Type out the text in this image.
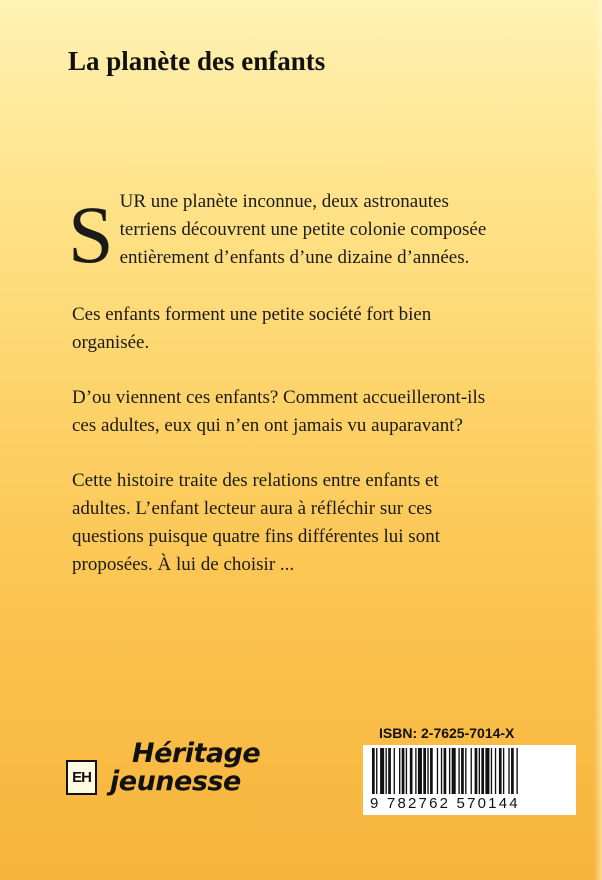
La planète des enfants
S UR une planète inconnue, deux astronautes
terriens découvrent une petite colonie composée
entièrement d’enfants d’une dizaine d’années.
Ces enfants forment une petite société fort bien
organisée.
D’ou viennent ces enfants? Comment accueilleront-ils
ces adultes, eux qui n’en ont jamais vu auparavant?
Cette histoire traite des relations entre enfants et
adultes. L’enfant lecteur aura à réfléchir sur ces
questions puisque quatre fins différentes lui sont
proposées. À lui de choisir ...
EH
Héritage
jeunesse
ISBN: 2-7625-7014-X
9 782762 570144
